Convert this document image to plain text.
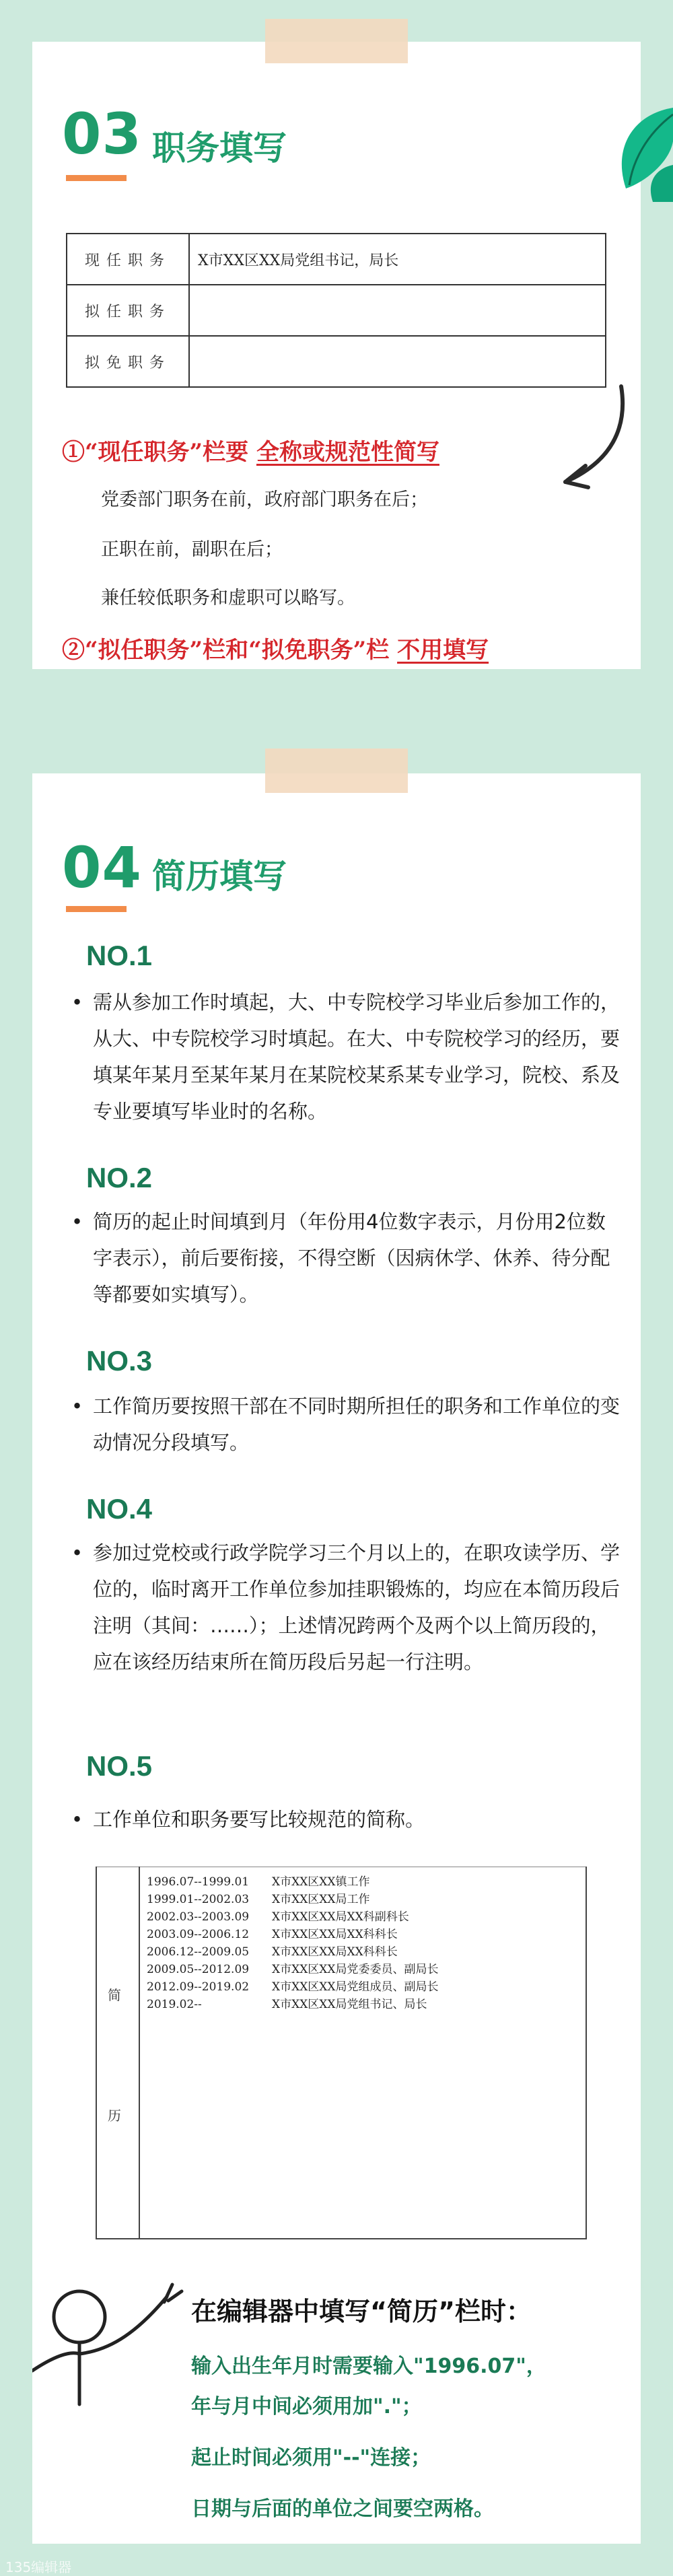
03 职务填写
现任职务	X市XX区XX局党组书记，局长
拟任职务	
拟免职务	
①“现任职务”栏要 全称或规范性简写
党委部门职务在前，政府部门职务在后；
正职在前，副职在后；
兼任较低职务和虚职可以略写。
②“拟任职务”栏和“拟免职务”栏 不用填写
04 简历填写
NO.1
• 需从参加工作时填起，大、中专院校学习毕业后参加工作的，从大、中专院校学习时填起。在大、中专院校学习的经历，要填某年某月至某年某月在某院校某系某专业学习，院校、系及专业要填写毕业时的名称。
NO.2
• 简历的起止时间填到月（年份用4位数字表示，月份用2位数字表示），前后要衔接，不得空断（因病休学、休养、待分配等都要如实填写）。
NO.3
• 工作简历要按照干部在不同时期所担任的职务和工作单位的变动情况分段填写。
NO.4
• 参加过党校或行政学院学习三个月以上的，在职攻读学历、学位的，临时离开工作单位参加挂职锻炼的，均应在本简历段后注明（其间：……）；上述情况跨两个及两个以上简历段的，应在该经历结束所在简历段后另起一行注明。
NO.5
• 工作单位和职务要写比较规范的简称。
简
历
1996.07--1999.01 X市XX区XX镇工作
1999.01--2002.03 X市XX区XX局工作
2002.03--2003.09 X市XX区XX局XX科副科长
2003.09--2006.12 X市XX区XX局XX科科长
2006.12--2009.05 X市XX区XX局XX科科长
2009.05--2012.09 X市XX区XX局党委委员、副局长
2012.09--2019.02 X市XX区XX局党组成员、副局长
2019.02--	X市XX区XX局党组书记、局长
在编辑器中填写“简历”栏时：
输入出生年月时需要输入"1996.07"，
年与月中间必须用加"."；
起止时间必须用"--"连接；
日期与后面的单位之间要空两格。
135编辑器
